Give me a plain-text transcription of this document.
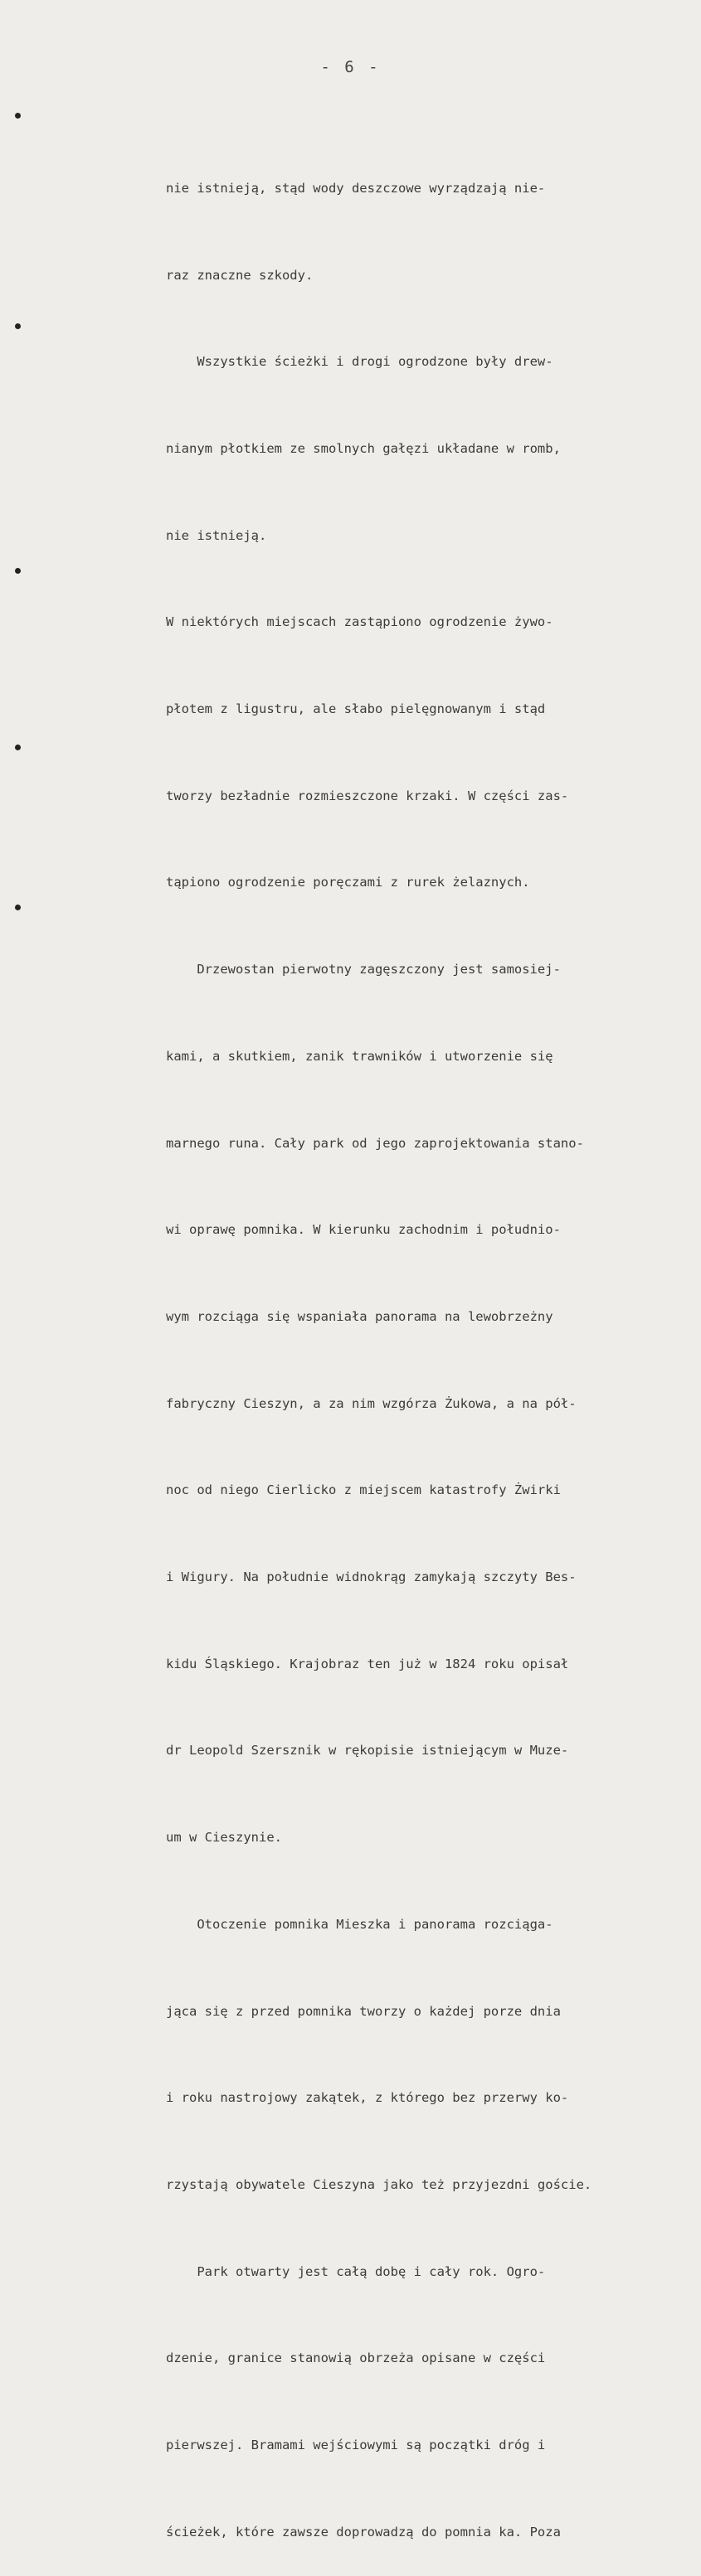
- 6 -

nie istnieją, stąd wody deszczowe wyrządzają nie-

raz znaczne szkody.

Wszystkie ścieżki i drogi ogrodzone były drew-

nianym płotkiem ze smolnych gałęzi układane w romb,

nie istnieją.

W niektórych miejscach zastąpiono ogrodzenie żywo-

płotem z ligustru, ale słabo pielęgnowanym i stąd

tworzy bezładnie rozmieszczone krzaki. W części zas-

tąpiono ogrodzenie poręczami z rurek żelaznych.

Drzewostan pierwotny zagęszczony jest samosiej-

kami, a skutkiem, zanik trawników i utworzenie się

marnego runa. Cały park od jego zaprojektowania stano-

wi oprawę pomnika. W kierunku zachodnim i południo-

wym rozciąga się wspaniała panorama na lewobrzeżny

fabryczny Cieszyn, a za nim wzgórza Żukowa, a na pół-

noc od niego Cierlicko z miejscem katastrofy Żwirki

i Wigury. Na południe widnokrąg zamykają szczyty Bes-

kidu Śląskiego. Krajobraz ten już w 1824 roku opisał

dr Leopold Szersznik w rękopisie istniejącym w Muze-

um w Cieszynie.

Otoczenie pomnika Mieszka i panorama rozciąga-

jąca się z przed pomnika tworzy o każdej porze dnia

i roku nastrojowy zakątek, z którego bez przerwy ko-

rzystają obywatele Cieszyna jako też przyjezdni goście.

Park otwarty jest całą dobę i cały rok. Ogro-

dzenie, granice stanowią obrzeża opisane w części

pierwszej. Bramami wejściowymi są początki dróg i

ścieżek, które zawsze doprowadzą do pomnia ka. Poza
